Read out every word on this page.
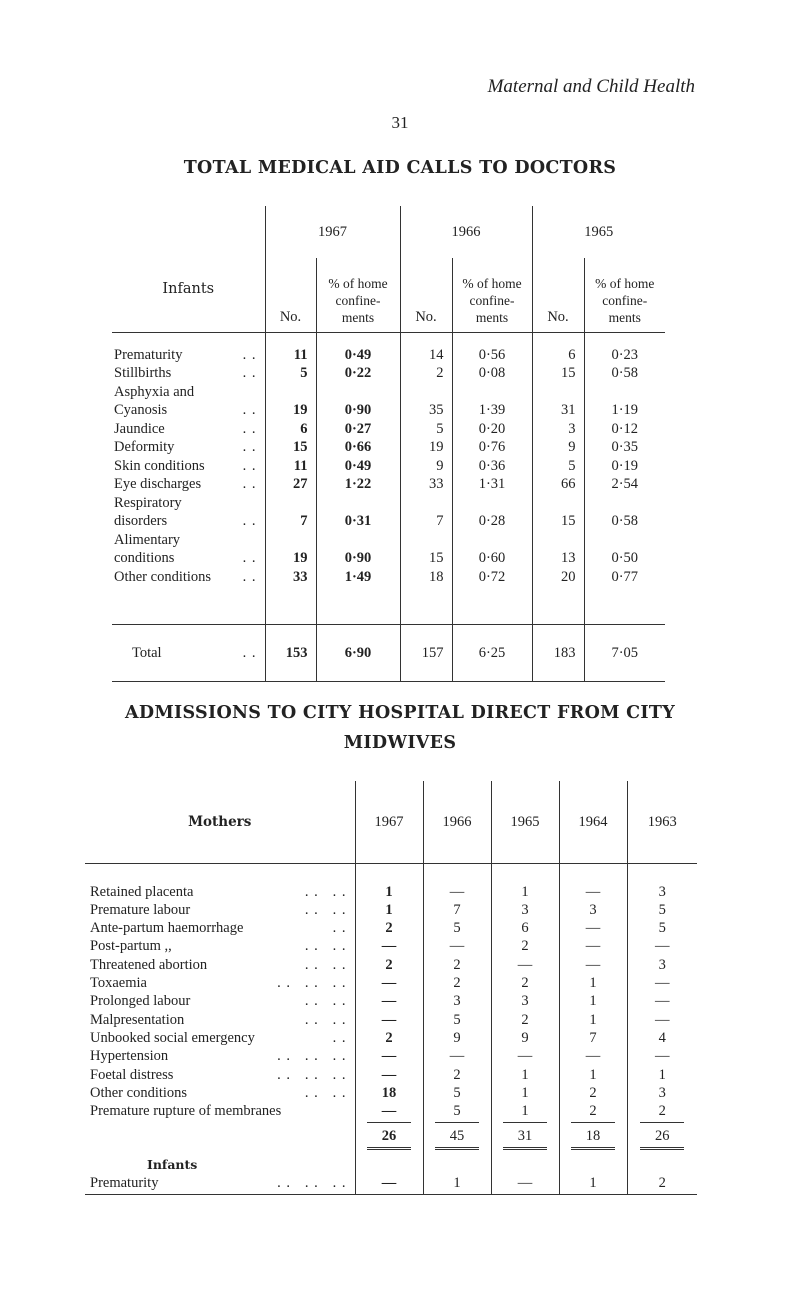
Maternal and Child Health
31
TOTAL MEDICAL AID CALLS TO DOCTORS
Infants	1967		1966		1965	
	No.	% of home
confine-
ments	No.	% of home
confine-
ments	No.	% of home
confine-
ments

Prematurity . .	11	0·49	14	0·56	6	0·23
Stillbirths . .	5	0·22	2	0·08	15	0·58
Asphyxia and						
Cyanosis . .	19	0·90	35	1·39	31	1·19
Jaundice . .	6	0·27	5	0·20	3	0·12
Deformity . .	15	0·66	19	0·76	9	0·35
Skin conditions . .	11	0·49	9	0·36	5	0·19
Eye discharges . .	27	1·22	33	1·31	66	2·54
Respiratory						
disorders . .	7	0·31	7	0·28	15	0·58
Alimentary						
conditions . .	19	0·90	15	0·60	13	0·50
Other conditions . .	33	1·49	18	0·72	20	0·77

Total . .	153	6·90	157	6·25	183	7·05
ADMISSIONS TO CITY HOSPITAL DIRECT FROM CITY
MIDWIVES
Mothers	1967	1966	1965	1964	1963

Retained placenta . .   . .	1	—	1	—	3
Premature labour . .   . .	1	7	3	3	5
Ante-partum haemorrhage . .	2	5	6	—	5
Post-partum ,, . .   . .	—	—	2	—	—
Threatened abortion . .   . .	2	2	—	—	3
Toxaemia . .   . .   . .	—	2	2	1	—
Prolonged labour . .   . .	—	3	3	1	—
Malpresentation . .   . .	—	5	2	1	—
Unbooked social emergency . .	2	9	9	7	4
Hypertension . .   . .   . .	—	—	—	—	—
Foetal distress . .   . .   . .	—	2	1	1	1
Other conditions . .   . .	18	5	1	2	3
Premature rupture of membranes	—	5	1	2	2

26	45	31	18	26

Infants					
Prematurity . .   . .   . .	—	1	—	1	2
